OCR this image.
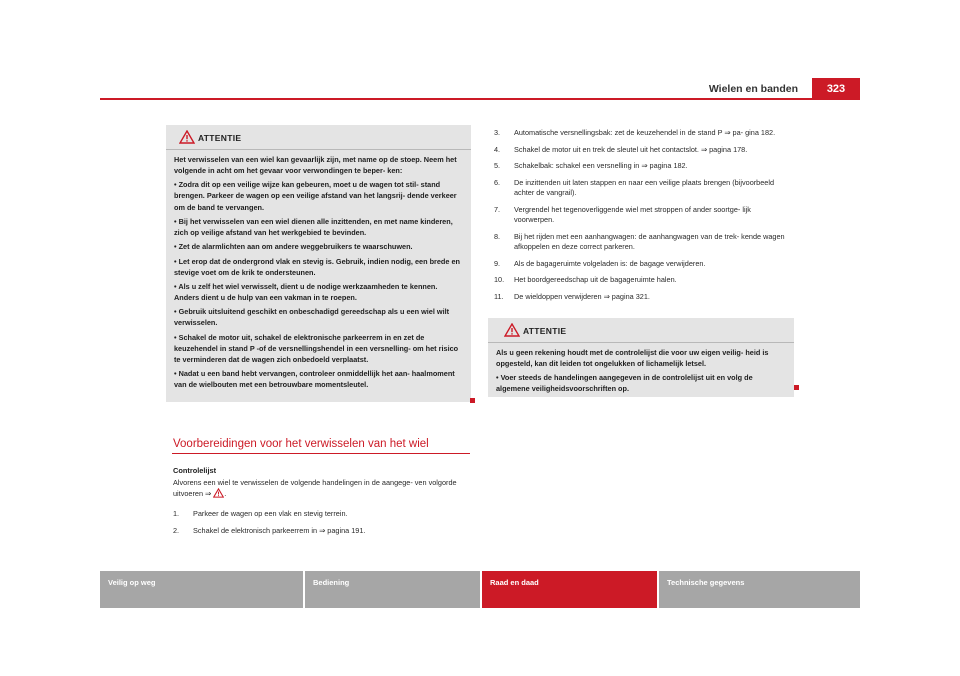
Wielen en banden	323
ATTENTIE

Het verwisselen van een wiel kan gevaarlijk zijn, met name op de stoep. Neem het volgende in acht om het gevaar voor verwondingen te beper- ken:

• Zodra dit op een veilige wijze kan gebeuren, moet u de wagen tot stil- stand brengen. Parkeer de wagen op een veilige afstand van het langsrij- dende verkeer om de band te vervangen.

• Bij het verwisselen van een wiel dienen alle inzittenden, en met name kinderen, zich op veilige afstand van het werkgebied te bevinden.

• Zet de alarmlichten aan om andere weggebruikers te waarschuwen.

• Let erop dat de ondergrond vlak en stevig is. Gebruik, indien nodig, een brede en stevige voet om de krik te ondersteunen.

• Als u zelf het wiel verwisselt, dient u de nodige werkzaamheden te kennen. Anders dient u de hulp van een vakman in te roepen.

• Gebruik uitsluitend geschikt en onbeschadigd gereedschap als u een wiel wilt verwisselen.

• Schakel de motor uit, schakel de elektronische parkeerrem in en zet de keuzehendel in stand P -of de versnellingshendel in een versnelling- om het risico te verminderen dat de wagen zich onbedoeld verplaatst.

• Nadat u een band hebt vervangen, controleer onmiddellijk het aan- haalmoment van de wielbouten met een betrouwbare momentsleutel.

Voorbereidingen voor het verwisselen van het wiel
Controlelijst
Alvorens een wiel te verwisselen de volgende handelingen in de aangege- ven volgorde uitvoeren ⇒ .
1. Parkeer de wagen op een vlak en stevig terrein.
2. Schakel de elektronisch parkeerrem in ⇒ pagina 191.
3. Automatische versnellingsbak: zet de keuzehendel in de stand P ⇒ pa- gina 182.
4. Schakel de motor uit en trek de sleutel uit het contactslot. ⇒ pagina 178.
5. Schakelbak: schakel een versnelling in ⇒ pagina 182.
6. De inzittenden uit laten stappen en naar een veilige plaats brengen (bijvoorbeeld achter de vangrail).
7. Vergrendel het tegenoverliggende wiel met stroppen of ander soortge- lijk voorwerpen.
8. Bij het rijden met een aanhangwagen: de aanhangwagen van de trek- kende wagen afkoppelen en deze correct parkeren.
9. Als de bagageruimte volgeladen is: de bagage verwijderen.
10. Het boordgereedschap uit de bagageruimte halen.
11. De wieldoppen verwijderen ⇒ pagina 321.
ATTENTIE

Als u geen rekening houdt met de controlelijst die voor uw eigen veilig- heid is opgesteld, kan dit leiden tot ongelukken of lichamelijk letsel.

• Voer steeds de handelingen aangegeven in de controlelijst uit en volg de algemene veiligheidsvoorschriften op.

Veilig op weg	Bediening	Raad en daad	Technische gegevens
